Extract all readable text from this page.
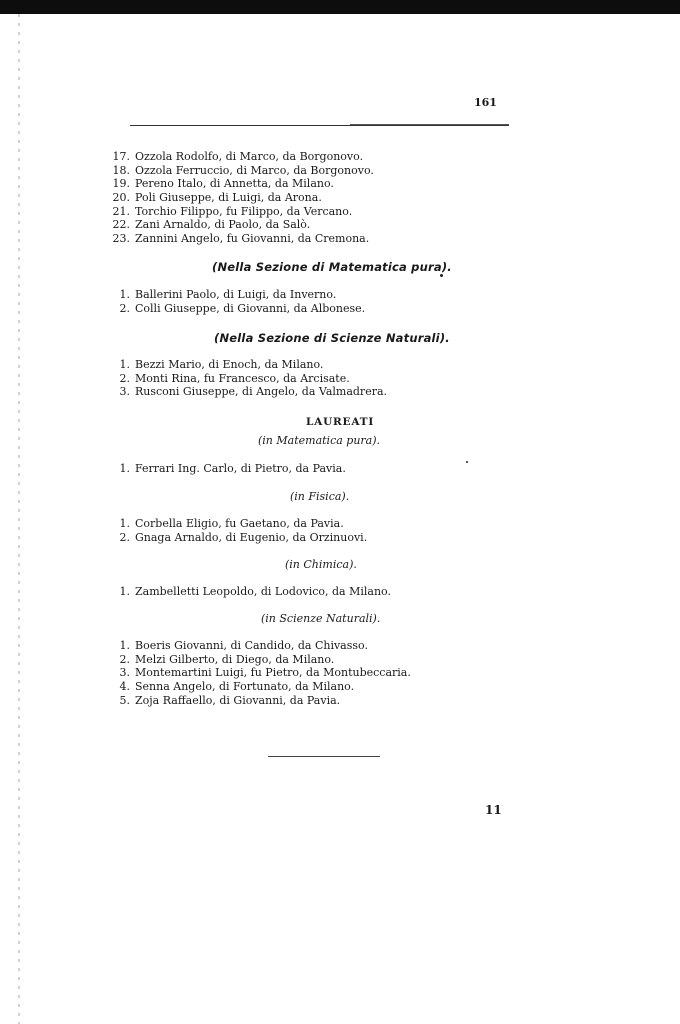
161
17. Ozzola Rodolfo, di Marco, da Borgonovo.
18. Ozzola Ferruccio, di Marco, da Borgonovo.
19. Pereno Italo, di Annetta, da Milano.
20. Poli Giuseppe, di Luigi, da Arona.
21. Torchio Filippo, fu Filippo, da Vercano.
22. Zani Arnaldo, di Paolo, da Salò.
23. Zannini Angelo, fu Giovanni, da Cremona.
(Nella Sezione di Matematica pura).
1. Ballerini Paolo, di Luigi, da Inverno.
2. Colli Giuseppe, di Giovanni, da Albonese.
(Nella Sezione di Scienze Naturali).
1. Bezzi Mario, di Enoch, da Milano.
2. Monti Rina, fu Francesco, da Arcisate.
3. Rusconi Giuseppe, di Angelo, da Valmadrera.
LAUREATI
(in Matematica pura).
1. Ferrari Ing. Carlo, di Pietro, da Pavia.
(in Fisica).
1. Corbella Eligio, fu Gaetano, da Pavia.
2. Gnaga Arnaldo, di Eugenio, da Orzinuovi.
(in Chimica).
1. Zambelletti Leopoldo, di Lodovico, da Milano.
(in Scienze Naturali).
1. Boeris Giovanni, di Candido, da Chivasso.
2. Melzi Gilberto, di Diego, da Milano.
3. Montemartini Luigi, fu Pietro, da Montubeccaria.
4. Senna Angelo, di Fortunato, da Milano.
5. Zoja Raffaello, di Giovanni, da Pavia.
11
